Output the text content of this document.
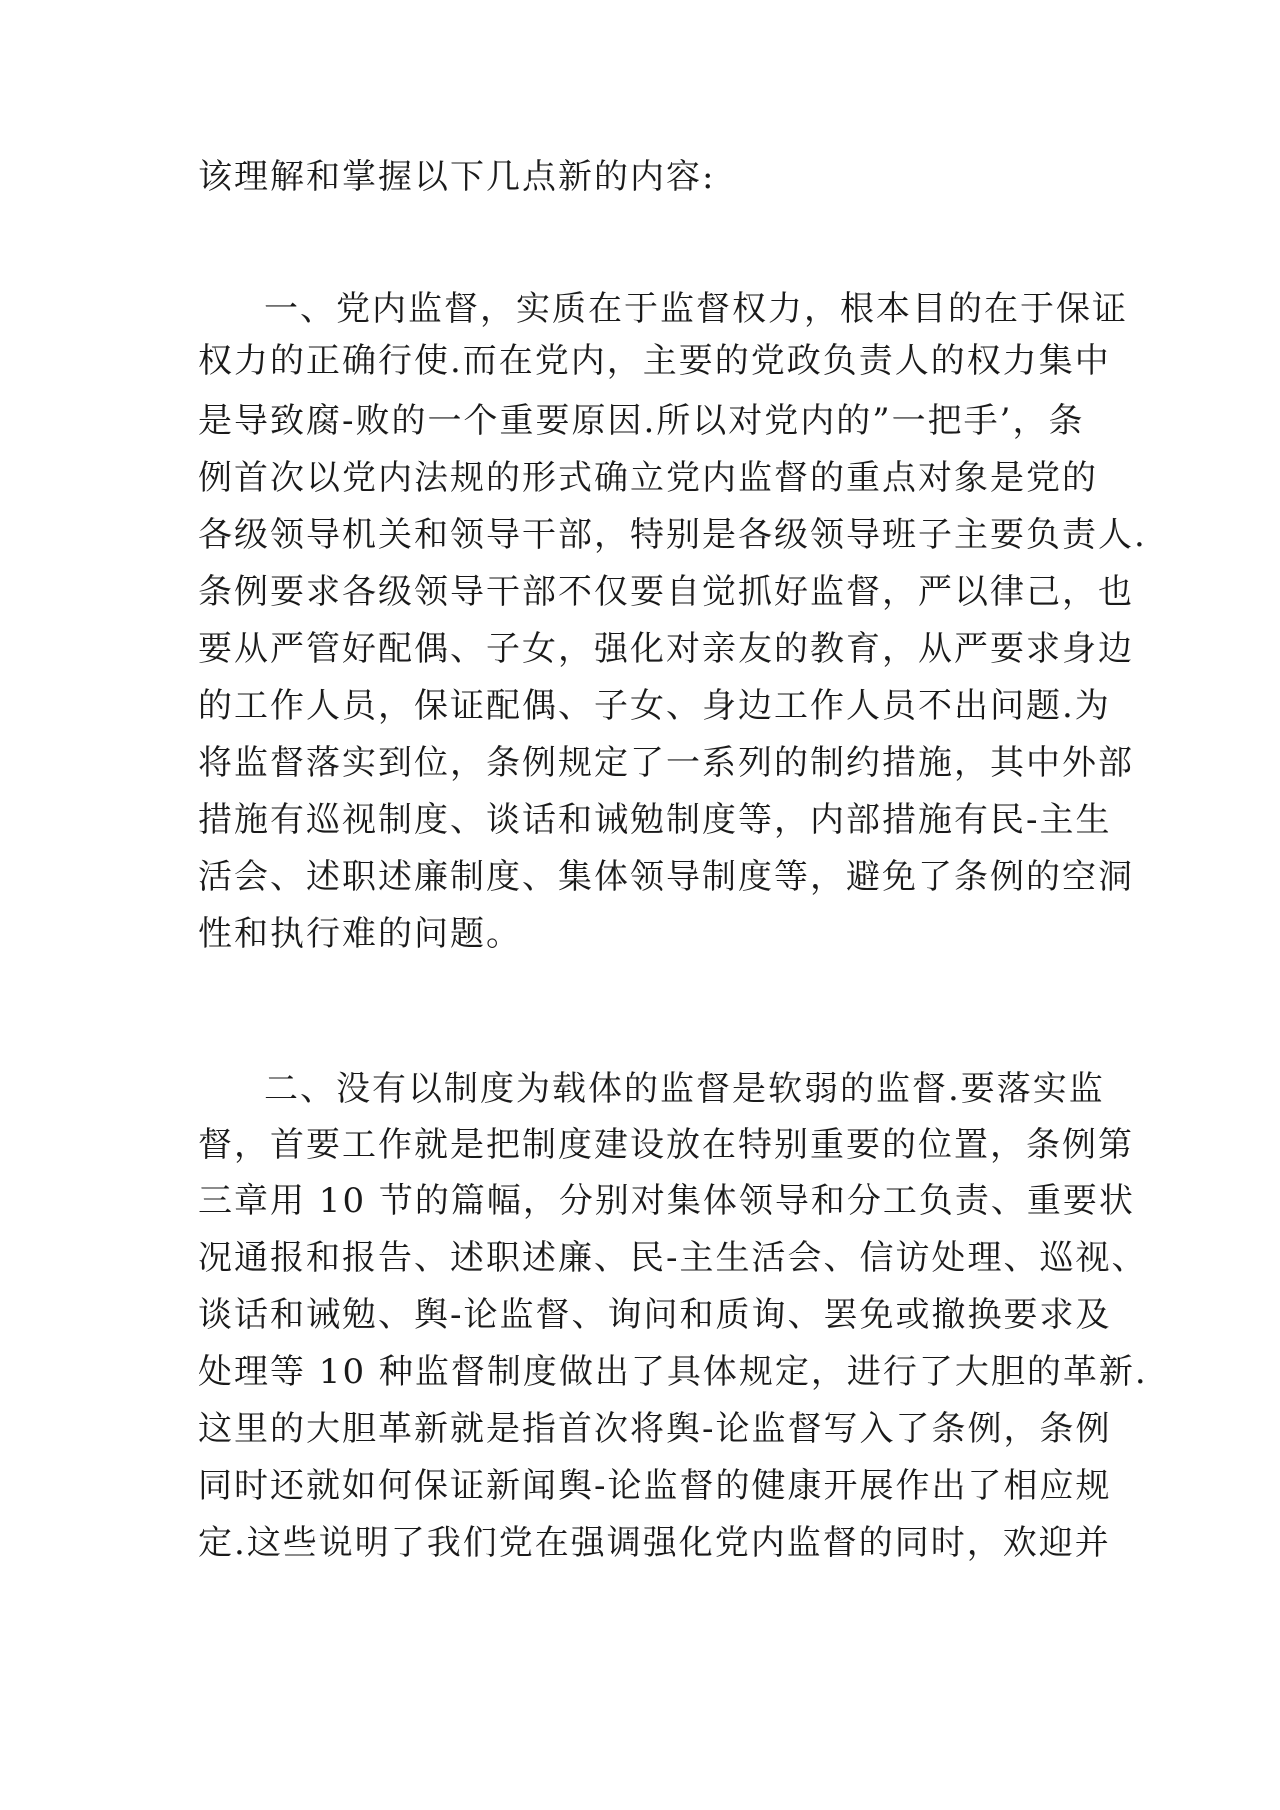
该理解和掌握以下几点新的内容:
一、党内监督，实质在于监督权力，根本目的在于保证
权力的正确行使.而在党内，主要的党政负责人的权力集中
是导致腐-败的一个重要原因.所以对党内的”一把手’，条
例首次以党内法规的形式确立党内监督的重点对象是党的
各级领导机关和领导干部，特别是各级领导班子主要负责人.
条例要求各级领导干部不仅要自觉抓好监督，严以律己，也
要从严管好配偶、子女，强化对亲友的教育，从严要求身边
的工作人员，保证配偶、子女、身边工作人员不出问题.为
将监督落实到位，条例规定了一系列的制约措施，其中外部
措施有巡视制度、谈话和诫勉制度等，内部措施有民-主生
活会、述职述廉制度、集体领导制度等，避免了条例的空洞
性和执行难的问题。
二、没有以制度为载体的监督是软弱的监督.要落实监
督，首要工作就是把制度建设放在特别重要的位置，条例第
三章用 10 节的篇幅，分别对集体领导和分工负责、重要状
况通报和报告、述职述廉、民-主生活会、信访处理、巡视、
谈话和诫勉、舆-论监督、询问和质询、罢免或撤换要求及
处理等 10 种监督制度做出了具体规定，进行了大胆的革新.
这里的大胆革新就是指首次将舆-论监督写入了条例，条例
同时还就如何保证新闻舆-论监督的健康开展作出了相应规
定.这些说明了我们党在强调强化党内监督的同时，欢迎并
